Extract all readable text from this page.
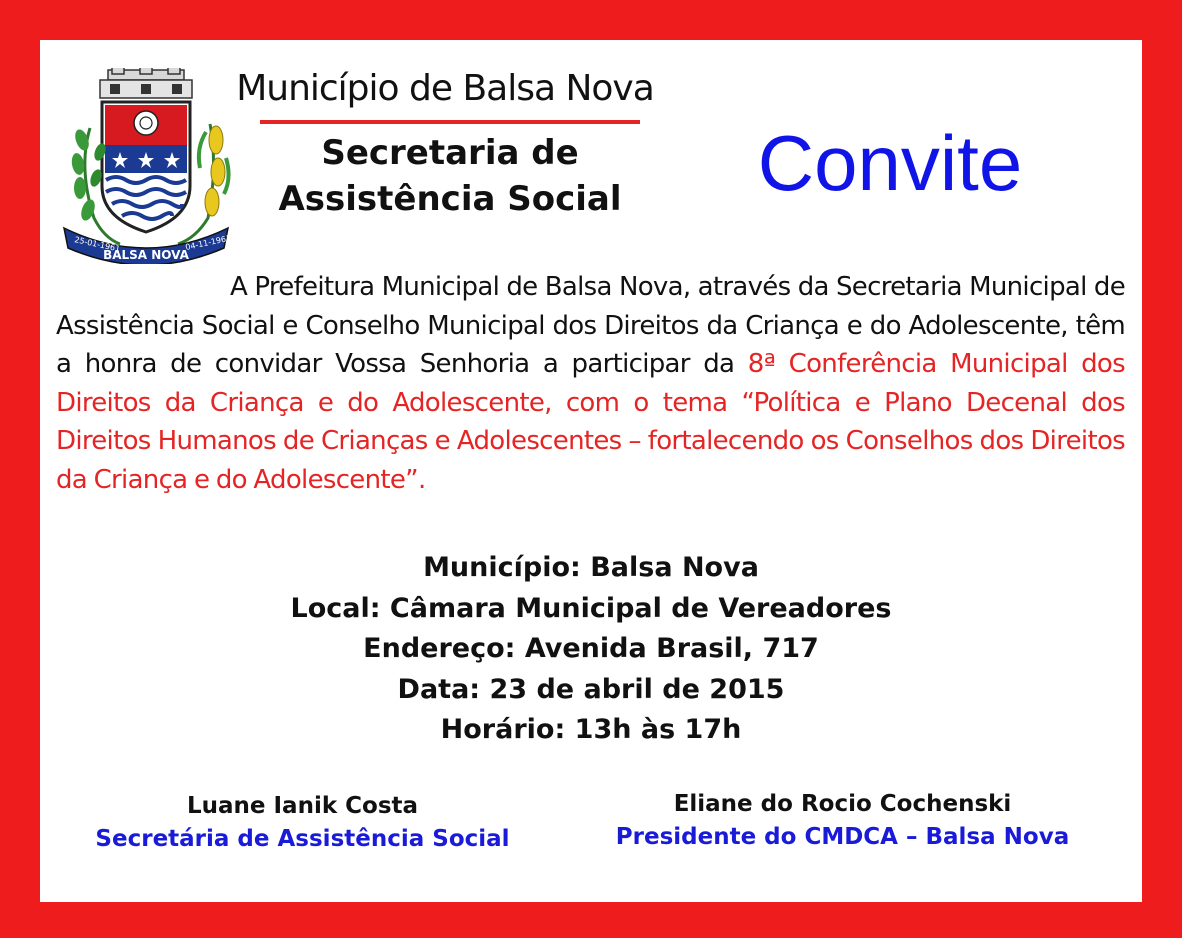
25-01-1961
BALSA NOVA
04-11-1961
Município de Balsa Nova
Secretaria de
Assistência Social	Convite
A Prefeitura Municipal de Balsa Nova, através da Secretaria Municipal de Assistência Social e Conselho Municipal dos Direitos da Criança e do Adolescente, têm a honra de convidar Vossa Senhoria a participar da 8ª Conferência Municipal dos Direitos da Criança e do Adolescente, com o tema “Política e Plano Decenal dos Direitos Humanos de Crianças e Adolescentes – fortalecendo os Conselhos dos Direitos da Criança e do Adolescente”.
Município: Balsa Nova
Local: Câmara Municipal de Vereadores
Endereço: Avenida Brasil, 717
Data: 23 de abril de 2015
Horário: 13h às 17h
Luane Ianik Costa
Secretária de Assistência Social
Eliane do Rocio Cochenski
Presidente do CMDCA – Balsa Nova
